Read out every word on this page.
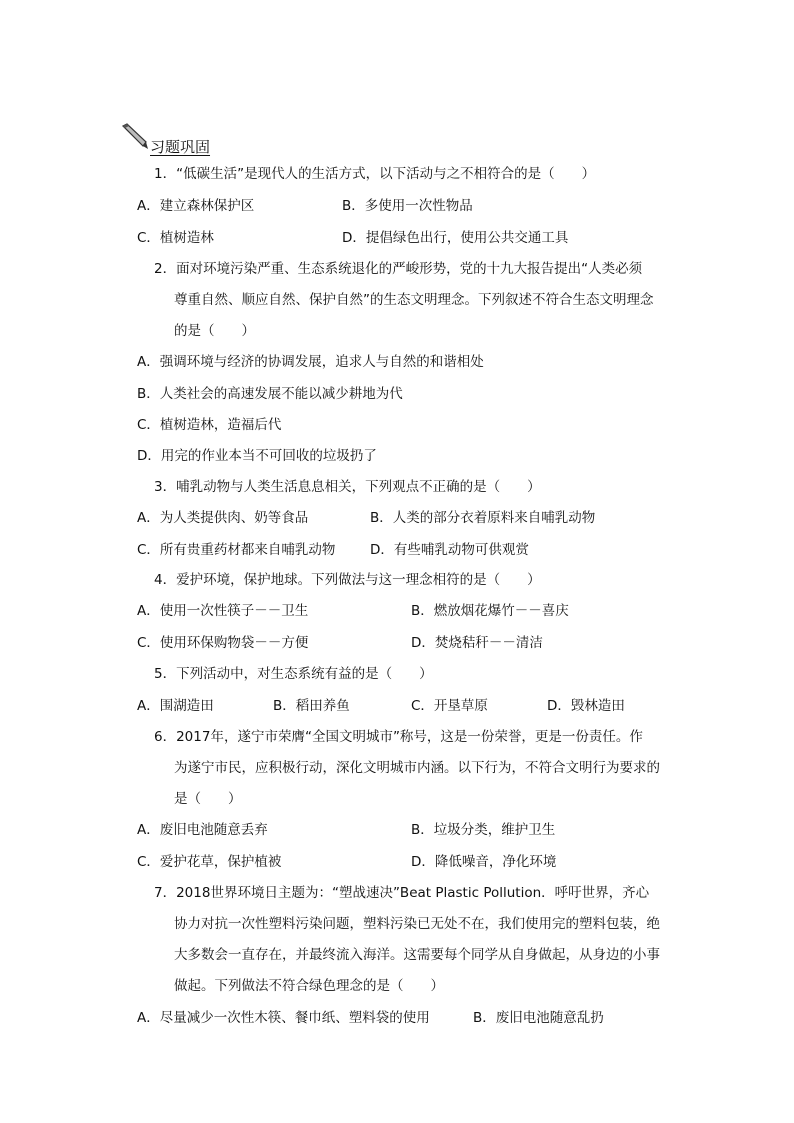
习题巩固
1．“低碳生活”是现代人的生活方式，以下活动与之不相符合的是（　　）
A．建立森林保护区	B．多使用一次性物品
C．植树造林	D．提倡绿色出行，使用公共交通工具
2．面对环境污染严重、生态系统退化的严峻形势，党的十九大报告提出“人类必须
尊重自然、顺应自然、保护自然”的生态文明理念。下列叙述不符合生态文明理念
的是（　　）
A．强调环境与经济的协调发展，追求人与自然的和谐相处
B．人类社会的高速发展不能以减少耕地为代
C．植树造林，造福后代
D．用完的作业本当不可回收的垃圾扔了
3．哺乳动物与人类生活息息相关，下列观点不正确的是（　　）
A．为人类提供肉、奶等食品	B．人类的部分衣着原料来自哺乳动物
C．所有贵重药材都来自哺乳动物	D．有些哺乳动物可供观赏
4．爱护环境，保护地球。下列做法与这一理念相符的是（　　）
A．使用一次性筷子－－卫生	B．燃放烟花爆竹－－喜庆
C．使用环保购物袋－－方便	D．焚烧秸秆－－清洁
5．下列活动中，对生态系统有益的是（　　）
A．围湖造田	B．稻田养鱼	C．开垦草原	D．毁林造田
6．2017年，遂宁市荣膺“全国文明城市”称号，这是一份荣誉，更是一份责任。作
为遂宁市民，应积极行动，深化文明城市内涵。以下行为，不符合文明行为要求的
是（　　）
A．废旧电池随意丢弃	B．垃圾分类，维护卫生
C．爱护花草，保护植被	D．降低噪音，净化环境
7．2018世界环境日主题为：“塑战速决”Beat Plastic Pollution．呼吁世界，齐心
协力对抗一次性塑料污染问题，塑料污染已无处不在，我们使用完的塑料包装，绝
大多数会一直存在，并最终流入海洋。这需要每个同学从自身做起，从身边的小事
做起。下列做法不符合绿色理念的是（　　）
A．尽量减少一次性木筷、餐巾纸、塑料袋的使用	B．废旧电池随意乱扔
